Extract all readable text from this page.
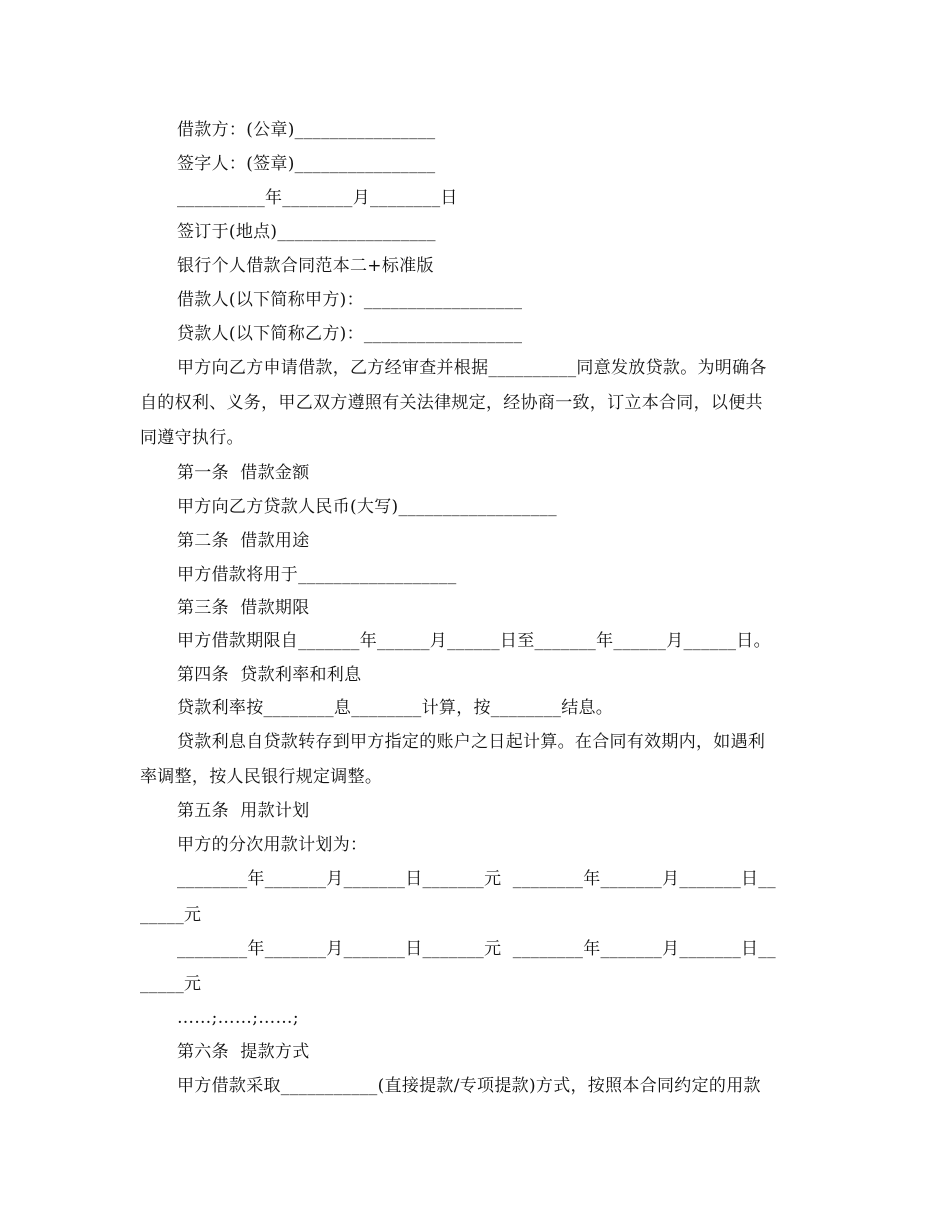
借款方：(公章)________________
签字人：(签章)________________
__________年________月________日
签订于(地点)__________________
银行个人借款合同范本二+标准版
借款人(以下简称甲方)：__________________
贷款人(以下简称乙方)：__________________
甲方向乙方申请借款，乙方经审查并根据__________同意发放贷款。为明确各
自的权利、义务，甲乙双方遵照有关法律规定，经协商一致，订立本合同，以便共
同遵守执行。
第一条  借款金额
甲方向乙方贷款人民币(大写)__________________
第二条  借款用途
甲方借款将用于__________________
第三条  借款期限
甲方借款期限自_______年______月______日至_______年______月______日。
第四条  贷款利率和利息
贷款利率按________息________计算，按________结息。
贷款利息自贷款转存到甲方指定的账户之日起计算。在合同有效期内，如遇利
率调整，按人民银行规定调整。
第五条  用款计划
甲方的分次用款计划为：
________年_______月_______日_______元  ________年_______月_______日__
_____元
________年_______月_______日_______元  ________年_______月_______日__
_____元
……;……;……;
第六条  提款方式
甲方借款采取___________(直接提款/专项提款)方式，按照本合同约定的用款
